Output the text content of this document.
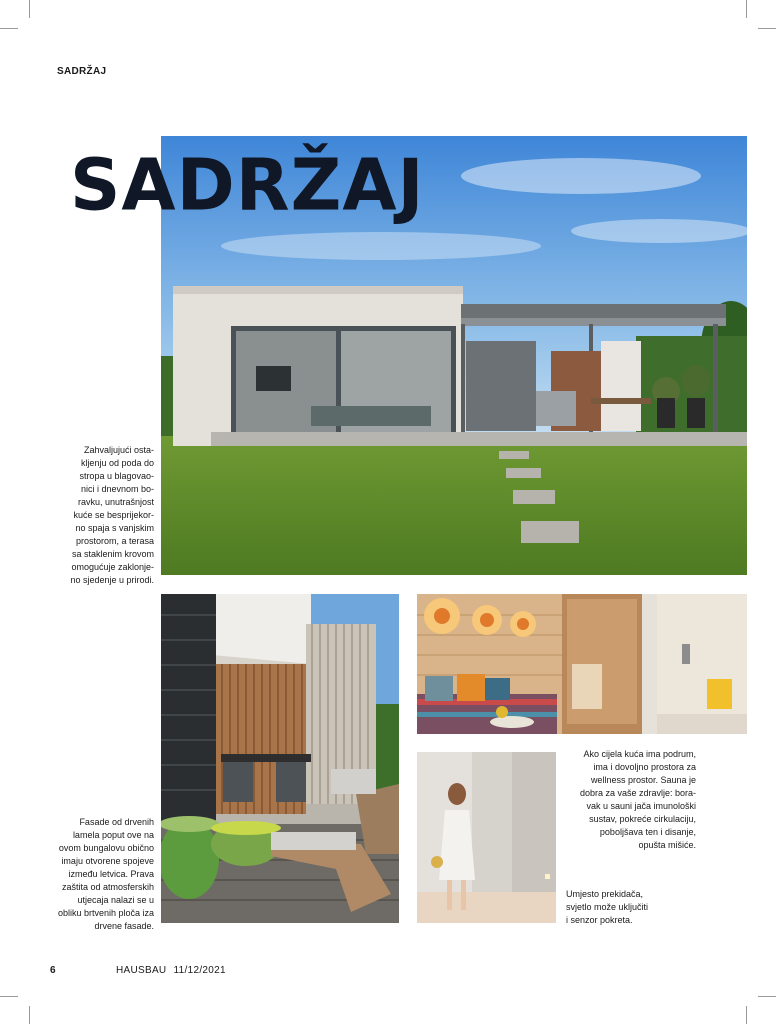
SADRŽAJ
SADRŽAJ
Zahvaljujući osta-
kljenju od poda do
stropa u blagovao-
nici i dnevnom bo-
ravku, unutrašnjost
kuće se besprijekor-
no spaja s vanjskim
prostorom, a terasa
sa staklenim krovom
omogućuje zaklonje-
no sjedenje u prirodi.
Ako cijela kuća ima podrum,
ima i dovoljno prostora za
wellness prostor. Sauna je
dobra za vaše zdravlje: bora-
vak u sauni jača imunološki
sustav, pokreće cirkulaciju,
poboljšava ten i disanje,
opušta mišiće.
Umjesto prekidača,
svjetlo može uključiti
i senzor pokreta.
Fasade od drvenih
lamela poput ove na
ovom bungalovu obično
imaju otvorene spojeve
između letvica. Prava
zaštita od atmosferskih
utjecaja nalazi se u
obliku brtvenih ploča iza
drvene fasade.
6	HAUSBAU 11/12/2021
